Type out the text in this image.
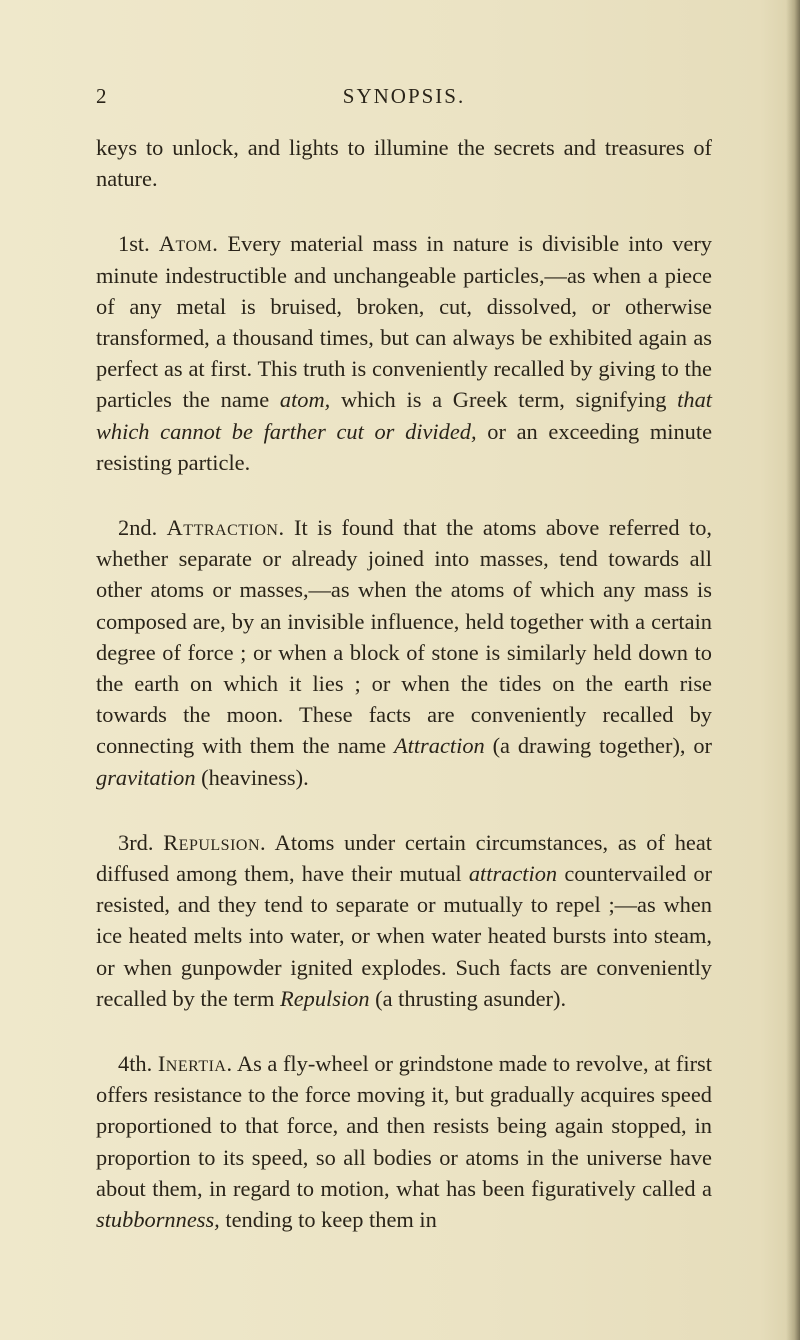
2	SYNOPSIS.

keys to unlock, and lights to illumine the secrets and treasures of nature.

1st. Atom. Every material mass in nature is divisible into very minute indestructible and unchangeable particles,—as when a piece of any metal is bruised, broken, cut, dissolved, or otherwise transformed, a thousand times, but can always be exhibited again as perfect as at first. This truth is conveniently recalled by giving to the particles the name atom, which is a Greek term, signifying that which cannot be farther cut or divided, or an exceeding minute resisting particle.

2nd. Attraction. It is found that the atoms above referred to, whether separate or already joined into masses, tend towards all other atoms or masses,—as when the atoms of which any mass is composed are, by an invisible influence, held together with a certain degree of force ; or when a block of stone is similarly held down to the earth on which it lies ; or when the tides on the earth rise towards the moon. These facts are conveniently recalled by connecting with them the name Attraction (a drawing together), or gravitation (heaviness).

3rd. Repulsion. Atoms under certain circumstances, as of heat diffused among them, have their mutual attraction countervailed or resisted, and they tend to separate or mutually to repel ;—as when ice heated melts into water, or when water heated bursts into steam, or when gunpowder ignited explodes. Such facts are conveniently recalled by the term Repulsion (a thrusting asunder).

4th. Inertia. As a fly-wheel or grindstone made to revolve, at first offers resistance to the force moving it, but gradually acquires speed proportioned to that force, and then resists being again stopped, in proportion to its speed, so all bodies or atoms in the universe have about them, in regard to motion, what has been figuratively called a stubbornness, tending to keep them in
